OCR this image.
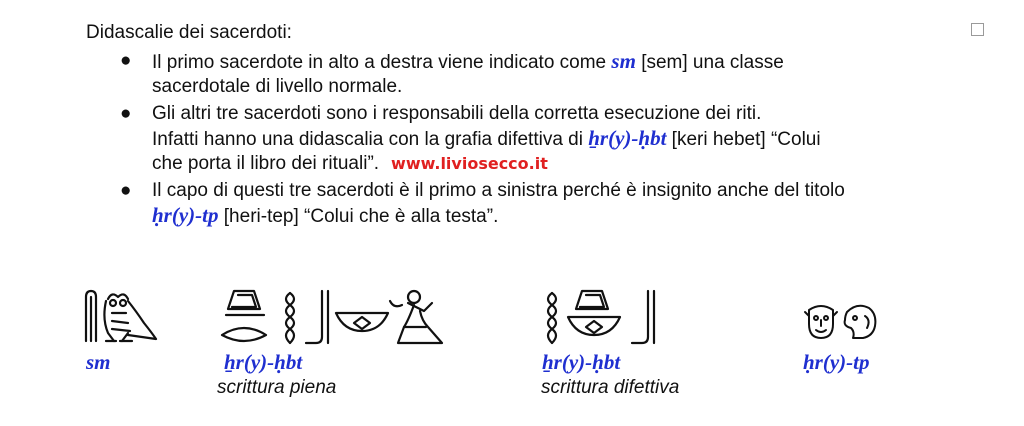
Didascalie dei sacerdoti:
● Il primo sacerdote in alto a destra viene indicato come sm [sem] una classe
sacerdotale di livello normale.
● Gli altri tre sacerdoti sono i responsabili della corretta esecuzione dei riti.
Infatti hanno una didascalia con la grafia difettiva di ẖr(y)-ḥbt [keri hebet] “Colui
che porta il libro dei rituali”. www.liviosecco.it
● Il capo di questi tre sacerdoti è il primo a sinistra perché è insignito anche del titolo
ḥr(y)-tp [heri-tep] “Colui che è alla testa”.
sm	ẖr(y)-ḥbt
scrittura piena
ẖr(y)-ḥbt
scrittura difettiva
ḥr(y)-tp
